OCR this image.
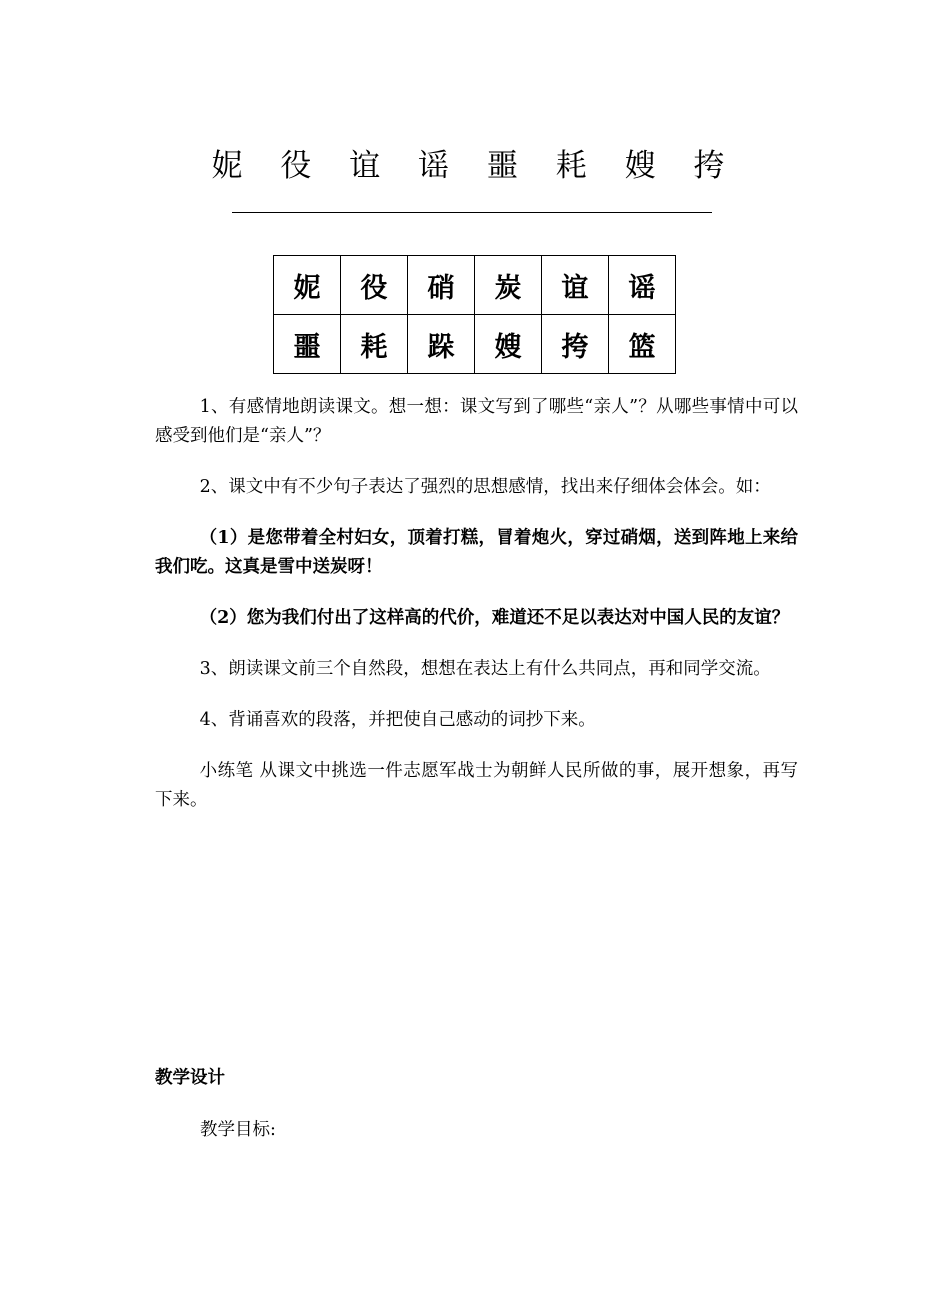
妮 役 谊 谣 噩 耗 嫂 挎
妮	役	硝	炭	谊	谣
噩	耗	跺	嫂	挎	篮

1、有感情地朗读课文。想一想：课文写到了哪些“亲人”？从哪些事情中可以感受到他们是“亲人”？

2、课文中有不少句子表达了强烈的思想感情，找出来仔细体会体会。如：

（1）是您带着全村妇女，顶着打糕，冒着炮火，穿过硝烟，送到阵地上来给我们吃。这真是雪中送炭呀！

（2）您为我们付出了这样高的代价，难道还不足以表达对中国人民的友谊？

3、朗读课文前三个自然段，想想在表达上有什么共同点，再和同学交流。

4、背诵喜欢的段落，并把使自己感动的词抄下来。

小练笔 从课文中挑选一件志愿军战士为朝鲜人民所做的事，展开想象，再写下来。

教学设计

教学目标:
